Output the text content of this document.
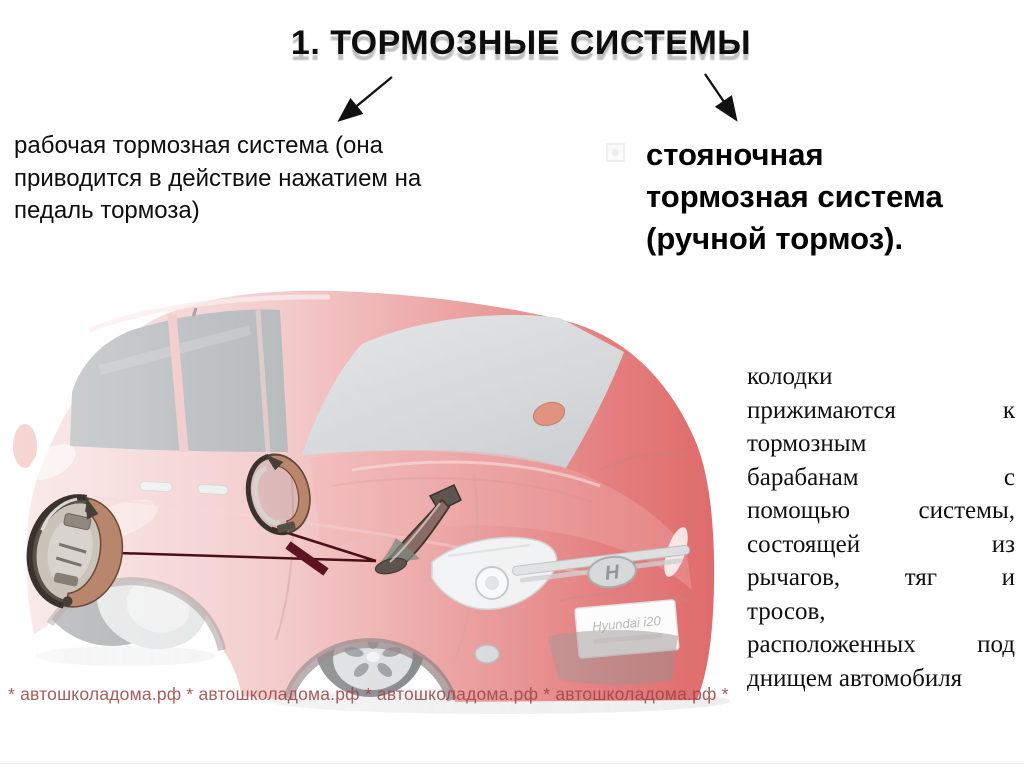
1. ТОРМОЗНЫЕ СИСТЕМЫ
рабочая тормозная система (она
приводится в действие нажатием на
педаль тормоза)
стояночная
тормозная система
(ручной тормоз).
колодки
прижимаются к
тормозным
барабанам с
помощью системы,
состоящей из
рычагов, тяг и
тросов,
расположенных под
днищем автомобиля
* автошколадома.рф * автошколадома.рф * автошколадома.рф * автошколадома.рф *
